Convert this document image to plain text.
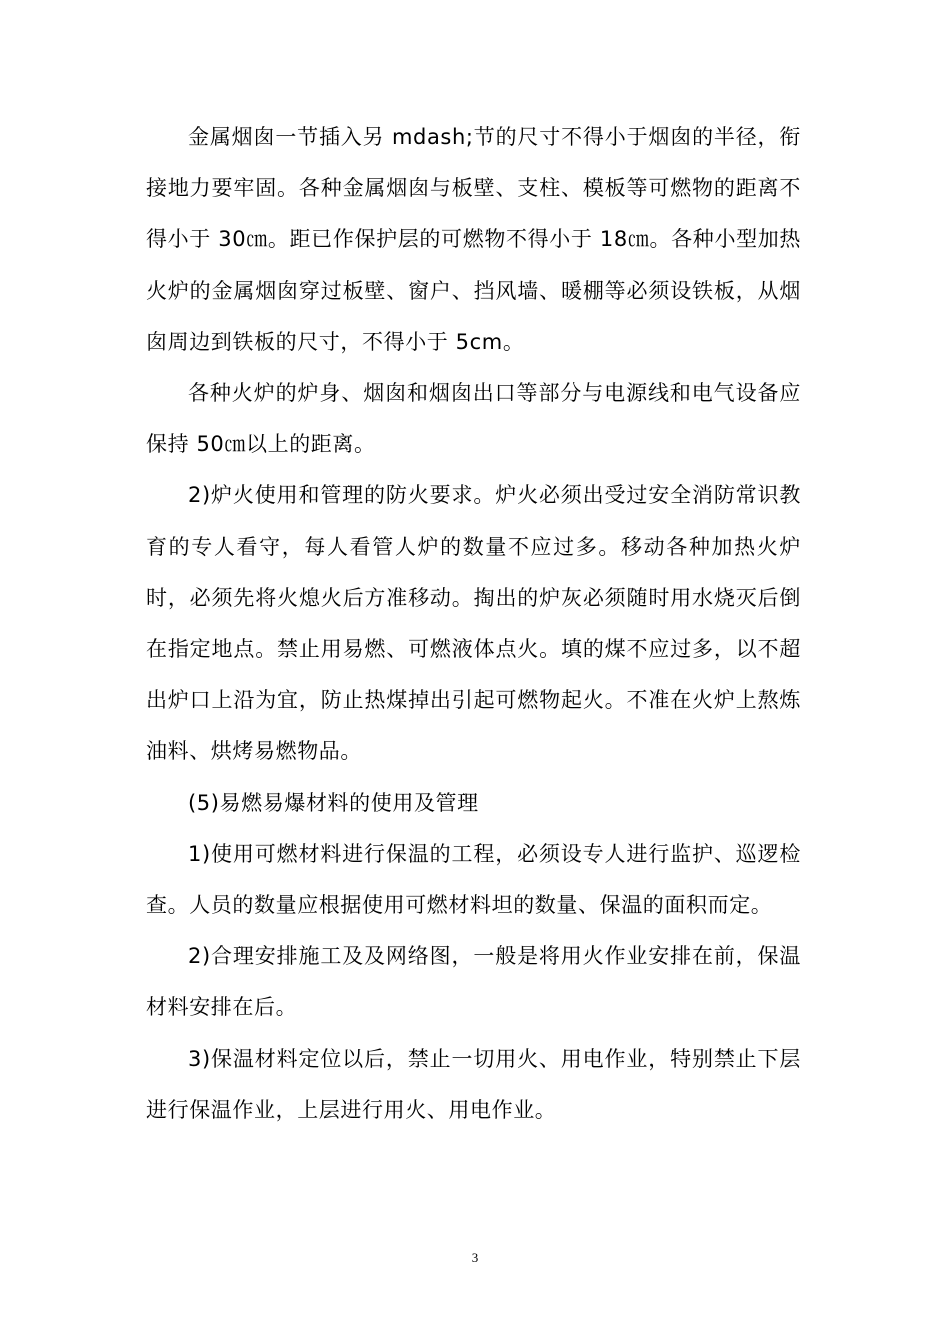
金属烟囱一节插入另 mdash;节的尺寸不得小于烟囱的半径，衔接地力要牢固。各种金属烟囱与板壁、支柱、模板等可燃物的距离不得小于 30㎝。距已作保护层的可燃物不得小于 18㎝。各种小型加热火炉的金属烟囱穿过板壁、窗户、挡风墙、暖棚等必须设铁板，从烟囱周边到铁板的尺寸，不得小于 5cm。

各种火炉的炉身、烟囱和烟囱出口等部分与电源线和电气设备应保持 50㎝以上的距离。

2)炉火使用和管理的防火要求。炉火必须出受过安全消防常识教育的专人看守，每人看管人炉的数量不应过多。移动各种加热火炉时，必须先将火熄火后方准移动。掏出的炉灰必须随时用水烧灭后倒在指定地点。禁止用易燃、可燃液体点火。填的煤不应过多，以不超出炉口上沿为宜，防止热煤掉出引起可燃物起火。不准在火炉上熬炼油料、烘烤易燃物品。

(5)易燃易爆材料的使用及管理

1)使用可燃材料进行保温的工程，必须设专人进行监护、巡逻检查。人员的数量应根据使用可燃材料坦的数量、保温的面积而定。

2)合理安排施工及及网络图，一般是将用火作业安排在前，保温材料安排在后。

3)保温材料定位以后，禁止一切用火、用电作业，特别禁止下层进行保温作业，上层进行用火、用电作业。

3
